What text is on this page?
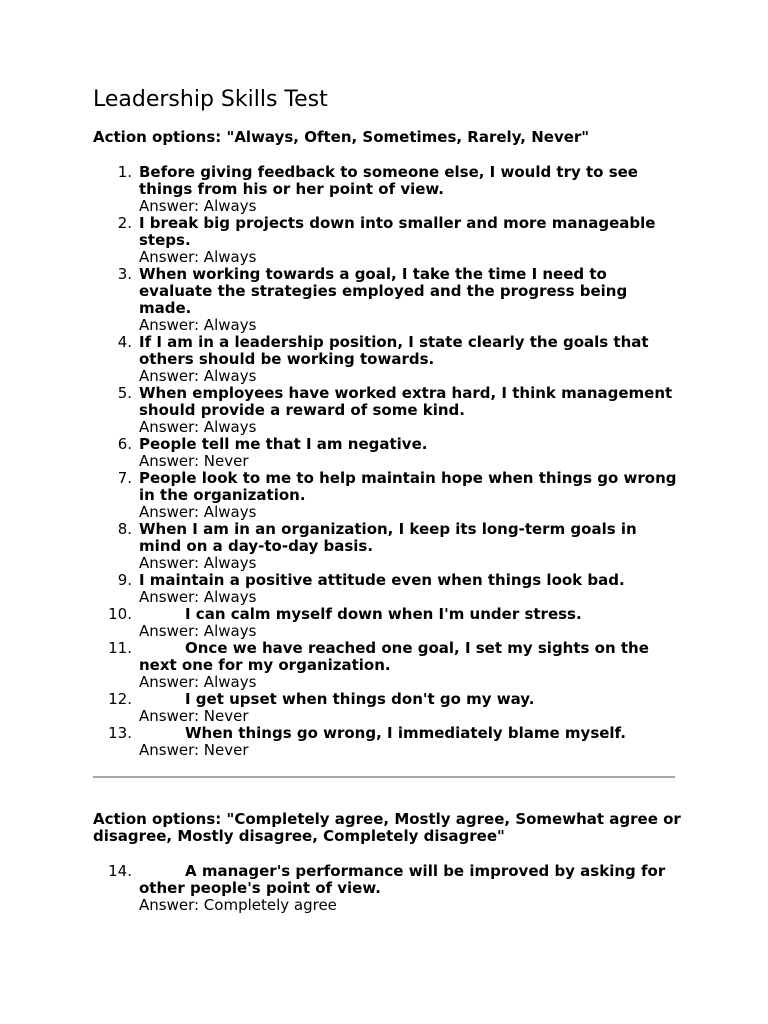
Leadership Skills Test

Action options: "Always, Often, Sometimes, Rarely, Never"

1. Before giving feedback to someone else, I would try to see things from his or her point of view.
Answer: Always
2. I break big projects down into smaller and more manageable steps.
Answer: Always
3. When working towards a goal, I take the time I need to evaluate the strategies employed and the progress being made.
Answer: Always
4. If I am in a leadership position, I state clearly the goals that others should be working towards.
Answer: Always
5. When employees have worked extra hard, I think management should provide a reward of some kind.
Answer: Always
6. People tell me that I am negative.
Answer: Never
7. People look to me to help maintain hope when things go wrong in the organization.
Answer: Always
8. When I am in an organization, I keep its long-term goals in mind on a day-to-day basis.
Answer: Always
9. I maintain a positive attitude even when things look bad.
Answer: Always
10.	I can calm myself down when I'm under stress.
Answer: Always
11.	Once we have reached one goal, I set my sights on the next one for my organization.
Answer: Always
12.	I get upset when things don't go my way.
Answer: Never
13.	When things go wrong, I immediately blame myself.
Answer: Never

Action options: "Completely agree, Mostly agree, Somewhat agree or disagree, Mostly disagree, Completely disagree"

14.	A manager's performance will be improved by asking for other people's point of view.
Answer: Completely agree
